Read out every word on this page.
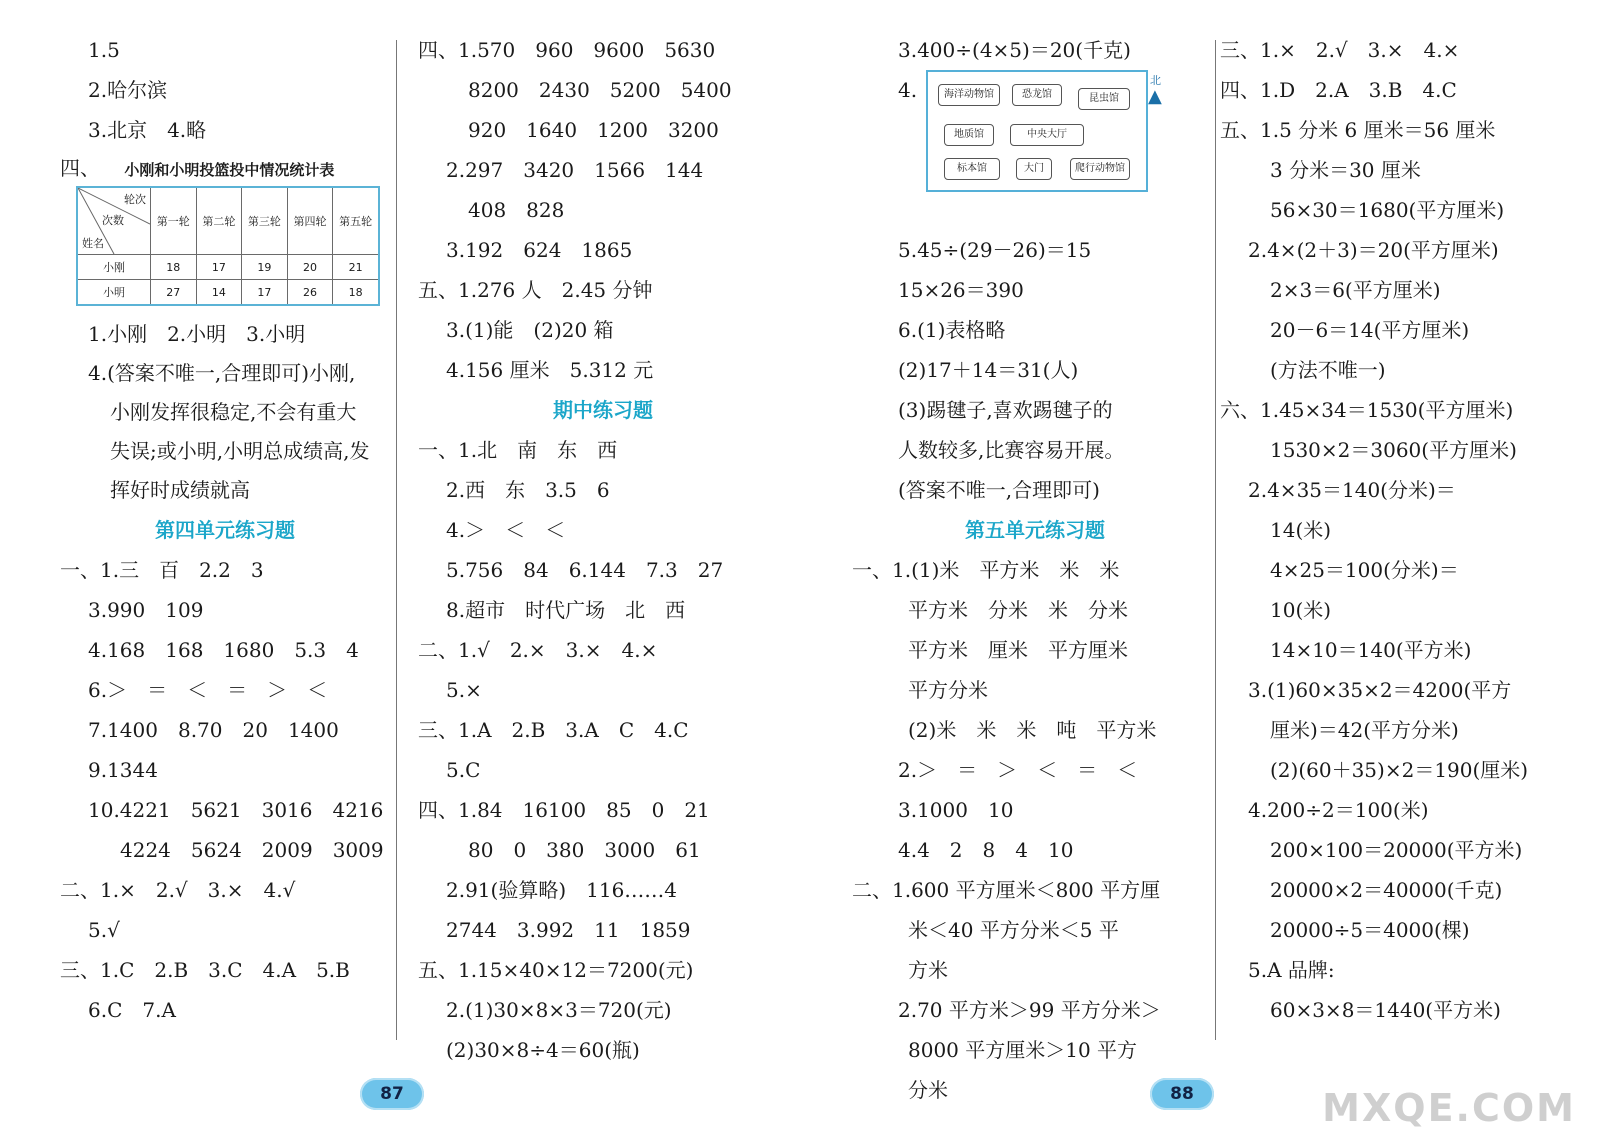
1.5
2.哈尔滨
3.北京　4.略
四、 小刚和小明投篮投中情况统计表
轮次
次数
姓名	第一轮	第二轮	第三轮	第四轮	第五轮
小刚	18	17	19	20	21
小明	27	14	17	26	18
1.小刚　2.小明　3.小明
4.(答案不唯一,合理即可)小刚,小刚发挥很稳定,不会有重大失误;或小明,小明总成绩高,发挥好时成绩就高
第四单元练习题
一、1.三　百　2.2　3
3.990　109
4.168　168　1680　5.3　4
6.＞　＝　＜　＝　＞　＜
7.1400　8.70　20　1400
9.1344
10.4221　5621　3016　4216
4224　5624　2009　3009
二、1.×　2.√　3.×　4.√
5.√
三、1.C　2.B　3.C　4.A　5.B
6.C　7.A
四、1.570　960　9600　5630
8200　2430　5200　5400
920　1640　1200　3200
2.297　3420　1566　144
408　828
3.192　624　1865
五、1.276 人　2.45 分钟
3.(1)能　(2)20 箱
4.156 厘米　5.312 元
期中练习题
一、1.北　南　东　西
2.西　东　3.5　6
4.＞　＜　＜
5.756　84　6.144　7.3　27
8.超市　时代广场　北　西
二、1.√　2.×　3.×　4.×
5.×
三、1.A　2.B　3.A　C　4.C
5.C
四、1.84　16100　85　0　21
80　0　380　3000　61
2.91(验算略)　116……4
2744　3.992　11　1859
五、1.15×40×12＝7200(元)
2.(1)30×8×3＝720(元)
(2)30×8÷4＝60(瓶)
3.400÷(4×5)＝20(千克)
4.
5.45÷(29－26)＝15
15×26＝390
6.(1)表格略
(2)17＋14＝31(人)
(3)踢毽子,喜欢踢毽子的
人数较多,比赛容易开展。
(答案不唯一,合理即可)
第五单元练习题
一、1.(1)米　平方米　米　米
平方米　分米　米　分米
平方米　厘米　平方厘米
平方分米
(2)米　米　米　吨　平方米
2.＞　＝　＞　＜　＝　＜
3.1000　10
4.4　2　8　4　10
二、1.600 平方厘米＜800 平方厘
米＜40 平方分米＜5 平
方米
2.70 平方米＞99 平方分米＞
8000 平方厘米＞10 平方
分米
海洋动物馆	恐龙馆	昆虫馆
地质馆	中央大厅
标本馆	大门	爬行动物馆
北
▲
三、1.×　2.√　3.×　4.×
四、1.D　2.A　3.B　4.C
五、1.5 分米 6 厘米＝56 厘米
3 分米＝30 厘米
56×30＝1680(平方厘米)
2.4×(2＋3)＝20(平方厘米)
2×3＝6(平方厘米)
20－6＝14(平方厘米)
(方法不唯一)
六、1.45×34＝1530(平方厘米)
1530×2＝3060(平方厘米)
2.4×35＝140(分米)＝
14(米)
4×25＝100(分米)＝
10(米)
14×10＝140(平方米)
3.(1)60×35×2＝4200(平方
厘米)＝42(平方分米)
(2)(60＋35)×2＝190(厘米)
4.200÷2＝100(米)
200×100＝20000(平方米)
20000×2＝40000(千克)
20000÷5＝4000(棵)
5.A 品牌:
60×3×8＝1440(平方米)
87	88	MXQE.COM
